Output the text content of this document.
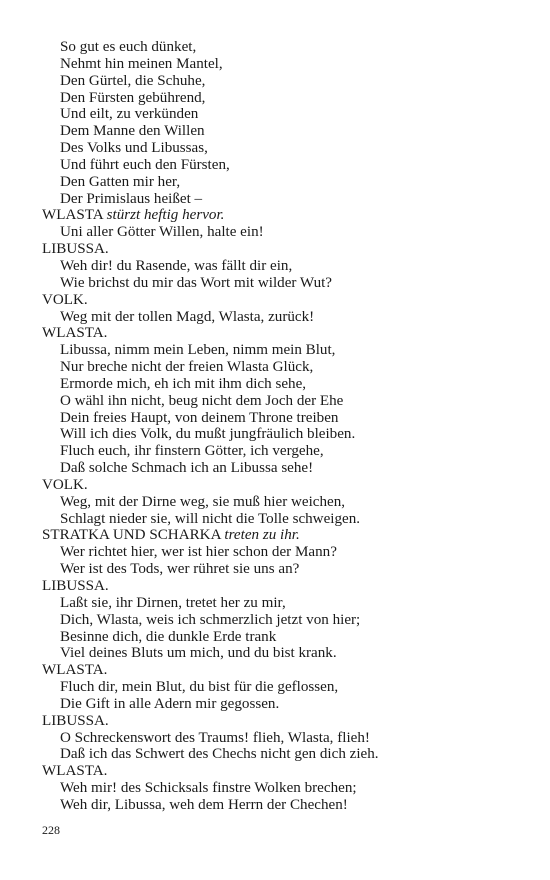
So gut es euch dünket,
Nehmt hin meinen Mantel,
Den Gürtel, die Schuhe,
Den Fürsten gebührend,
Und eilt, zu verkünden
Dem Manne den Willen
Des Volks und Libussas,
Und führt euch den Fürsten,
Den Gatten mir her,
Der Primislaus heißet –
WLASTA stürzt heftig hervor.
Uni aller Götter Willen, halte ein!
LIBUSSA.
Weh dir! du Rasende, was fällt dir ein,
Wie brichst du mir das Wort mit wilder Wut?
VOLK.
Weg mit der tollen Magd, Wlasta, zurück!
WLASTA.
Libussa, nimm mein Leben, nimm mein Blut,
Nur breche nicht der freien Wlasta Glück,
Ermorde mich, eh ich mit ihm dich sehe,
O wähl ihn nicht, beug nicht dem Joch der Ehe
Dein freies Haupt, von deinem Throne treiben
Will ich dies Volk, du mußt jungfräulich bleiben.
Fluch euch, ihr finstern Götter, ich vergehe,
Daß solche Schmach ich an Libussa sehe!
VOLK.
Weg, mit der Dirne weg, sie muß hier weichen,
Schlagt nieder sie, will nicht die Tolle schweigen.
STRATKA UND SCHARKA treten zu ihr.
Wer richtet hier, wer ist hier schon der Mann?
Wer ist des Tods, wer rühret sie uns an?
LIBUSSA.
Laßt sie, ihr Dirnen, tretet her zu mir,
Dich, Wlasta, weis ich schmerzlich jetzt von hier;
Besinne dich, die dunkle Erde trank
Viel deines Bluts um mich, und du bist krank.
WLASTA.
Fluch dir, mein Blut, du bist für die geflossen,
Die Gift in alle Adern mir gegossen.
LIBUSSA.
O Schreckenswort des Traums! flieh, Wlasta, flieh!
Daß ich das Schwert des Chechs nicht gen dich zieh.
WLASTA.
Weh mir! des Schicksals finstre Wolken brechen;
Weh dir, Libussa, weh dem Herrn der Chechen!
228
